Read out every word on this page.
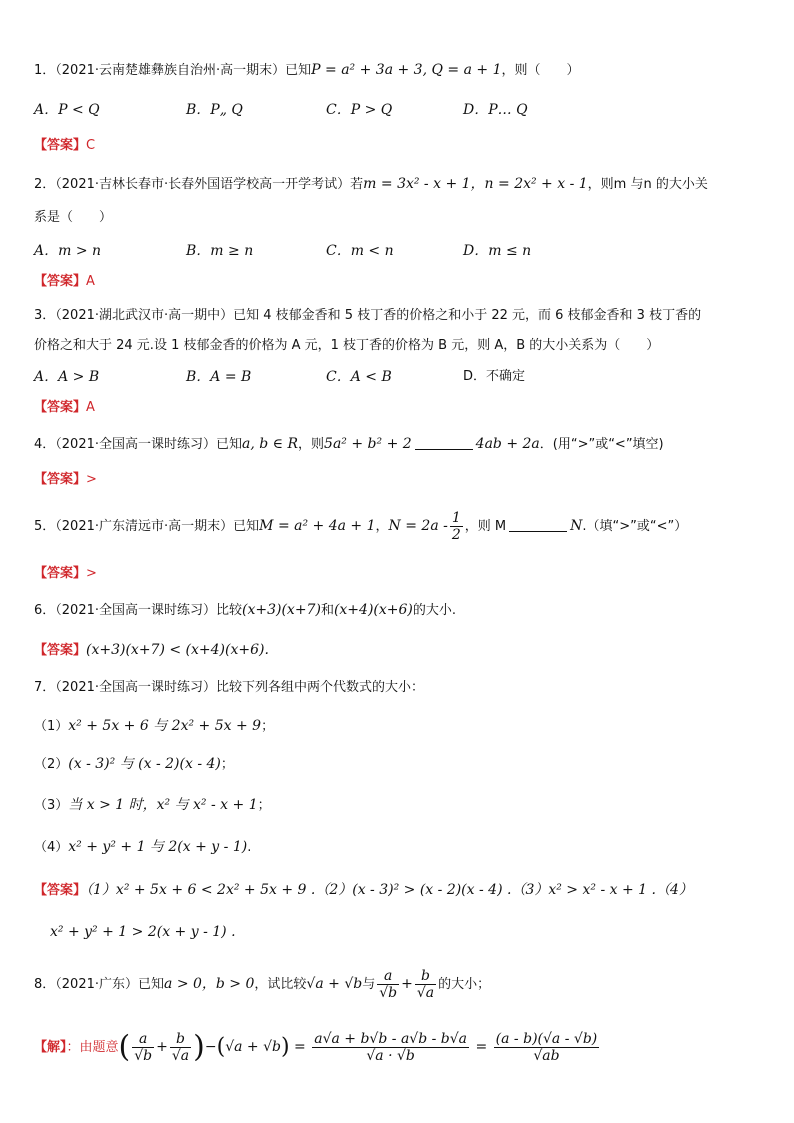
1．（2021·云南楚雄彝族自治州·高一期末）已知P = a² + 3a + 3, Q = a + 1，则（　　）
A．P < Q	B．P„ Q	C．P > Q	D．P… Q
【答案】C
2．（2021·吉林长春市·长春外国语学校高一开学考试）若m = 3x² - x + 1，n = 2x² + x - 1，则m 与n 的大小关
系是（　　）
A．m > n	B．m ≥ n	C．m < n	D．m ≤ n
【答案】A
3．（2021·湖北武汉市·高一期中）已知 4 枝郁金香和 5 枝丁香的价格之和小于 22 元，而 6 枝郁金香和 3 枝丁香的
价格之和大于 24 元.设 1 枝郁金香的价格为 A 元，1 枝丁香的价格为 B 元，则 A，B 的大小关系为（　　）
A．A > B	B．A = B	C．A < B	D．不确定
【答案】A
4．（2021·全国高一课时练习）已知a, b ∈ R，则5a² + b² + 2	4ab + 2a．(用“>”或“<”填空)
【答案】>
5．（2021·广东清远市·高一期末）已知M = a² + 4a + 1，$N = 2a - \frac{1}{2}$ ，则 M	N.（填“>”或“<”）
【答案】>
6．（2021·全国高一课时练习）比较(x+3)(x+7)和(x+4)(x+6)的大小.
【答案】(x+3)(x+7) < (x+4)(x+6).
7．（2021·全国高一课时练习）比较下列各组中两个代数式的大小：
（1）x² + 5x + 6 与 2x² + 5x + 9；
（2）(x - 3)² 与 (x - 2)(x - 4)；
（3）当 x > 1 时，x² 与 x² - x + 1；
（4）x² + y² + 1 与 2(x + y - 1).
【答案】（1）x² + 5x + 6 < 2x² + 5x + 9 .（2）(x - 3)² > (x - 2)(x - 4) .（3）x² > x² - x + 1 .（4）
x² + y² + 1 > 2(x + y - 1) .
8．（2021·广东）已知a > 0，b > 0，试比较√a + √b与 $\frac{a}{√b} + \frac{b}{√a}$ 的大小；
【解】：由题意( $\frac{a}{√b} + \frac{b}{√a} )-(√a + √b) = \frac{a√a + b√b - a√b - b√a}{√a \cdot √b} = \frac{(a - b)(√a - √b)}{√ab}$
